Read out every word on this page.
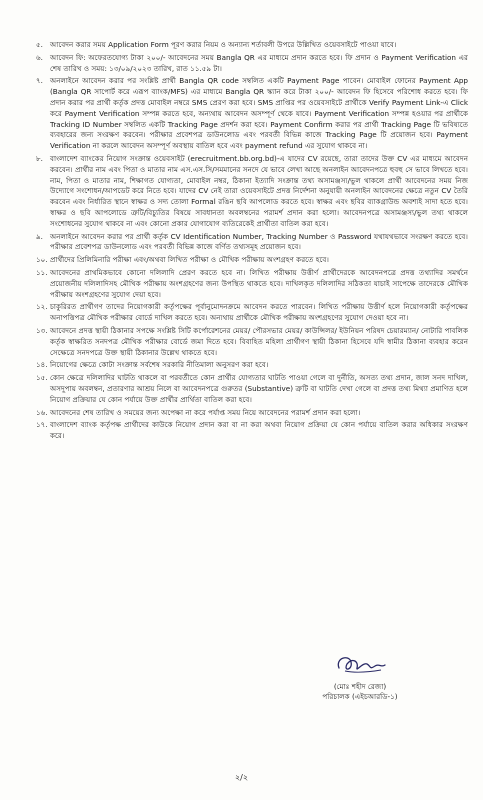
৫. আবেদন করার সময় Application Form পূরণ করার নিয়ম ও অন্যান্য শর্তাবলী উপরে উল্লিখিত ওয়েবসাইটে পাওয়া যাবে।
৬. আবেদন ফি: অফেরতযোগ্য টাকা ২০০/- আবেদনের সময় Bangla QR এর মাধ্যমে প্রদান করতে হবে। ফি প্রদান ও Payment Verification এর শেষ তারিখ ও সময়: ১৩/০৯/২০২৩ তারিখ, রাত ১১.৫৯ টা।
৭. অনলাইনে আবেদন করার পর সংশ্লিষ্ট প্রার্থী Bangla QR code সম্বলিত একটি Payment Page পাবেন। মোবাইল ফোনের Payment App (Bangla QR সাপোর্ট করে এরূপ ব্যাংক/MFS) এর মাধ্যমে Bangla QR স্ক্যান করে টাকা ২০০/- আবেদন ফি হিসেবে পরিশোধ করতে হবে। ফি প্রদান করার পর প্রার্থী কর্তৃক প্রদত্ত মোবাইল নম্বরে SMS প্রেরণ করা হবে। SMS প্রাপ্তির পর ওয়েবসাইটে প্রার্থীকে Verify Payment Link-এ Click করে Payment Verification সম্পন্ন করতে হবে, অন্যথায় আবেদন অসম্পূর্ণ থেকে যাবে। Payment Verification সম্পন্ন হওয়ার পর প্রার্থীকে Tracking ID Number সম্বলিত একটি Tracking Page প্রদর্শন করা হবে। Payment Confirm করার পর প্রার্থী Tracking Page টি ভবিষ্যতে ব্যবহারের জন্য সংরক্ষণ করবেন। পরীক্ষার প্রবেশপত্র ডাউনলোড এবং পরবর্তী বিভিন্ন কাজে Tracking Page টি প্রয়োজন হবে। Payment Verification না করলে আবেদন অসম্পূর্ণ অবস্থায় বাতিল হবে এবং payment refund এর সুযোগ থাকবে না।
৮. বাংলাদেশ ব্যাংকের নিয়োগ সংক্রান্ত ওয়েবসাইট (erecruitment.bb.org.bd)-এ যাদের CV রয়েছে, তারা তাদের উক্ত CV এর মাধ্যমে আবেদন করবেন। প্রার্থীর নাম এবং পিতা ও মাতার নাম এস.এস.সি/সমমানের সনদে যে ভাবে লেখা আছে অনলাইন আবেদনপত্রে হুবহু সে ভাবে লিখতে হবে। নাম, পিতা ও মাতার নাম, শিক্ষাগত যোগ্যতা, মোবাইল নম্বর, ঠিকানা ইত্যাদি সংক্রান্ত তথ্য অসামঞ্জস্য/ভুল থাকলে প্রার্থী আবেদনের সময় নিজ উদ্যোগে সংশোধন/আপডেট করে নিতে হবে। যাদের CV নেই তারা ওয়েবসাইটে প্রদত্ত নির্দেশনা অনুযায়ী অনলাইন আবেদনের ক্ষেত্রে নতুন CV তৈরি করবেন এবং নির্ধারিত স্থানে স্বাক্ষর ও সদ্য তোলা Formal রঙিন ছবি আপলোড করতে হবে। স্বাক্ষর এবং ছবির ব্যাকগ্রাউন্ড অবশ্যই সাদা হতে হবে। স্বাক্ষর ও ছবি আপলোডে ত্রুটি/বিচ্যুতির বিষয়ে সাবধানতা অবলম্বনের পরামর্শ প্রদান করা হলো। আবেদনপত্রে অসামঞ্জস্য/ভুল তথ্য থাকলে সংশোধনের সুযোগ থাকবে না এবং কোনো প্রকার যোগাযোগ ব্যতিরেকেই প্রার্থীতা বাতিল করা হবে।
৯. অনলাইনে আবেদন করার পর প্রার্থী কর্তৃক CV Identification Number, Tracking Number ও Password যথাযথভাবে সংরক্ষণ করতে হবে। পরীক্ষার প্রবেশপত্র ডাউনলোড এবং পরবর্তী বিভিন্ন কাজে বর্ণিত তথ্যসমূহ প্রয়োজন হবে।
১০. প্রার্থীদের প্রিলিমিনারি পরীক্ষা এবং/অথবা লিখিত পরীক্ষা ও মৌখিক পরীক্ষায় অংশগ্রহণ করতে হবে।
১১. আবেদনের প্রাথমিকভাবে কোনো দলিলাদি প্রেরণ করতে হবে না। লিখিত পরীক্ষায় উত্তীর্ণ প্রার্থীদেরকে আবেদনপত্রে প্রদত্ত তথ্যাদির সমর্থনে প্রয়োজনীয় দলিলাদিসহ মৌখিক পরীক্ষায় অংশগ্রহণের জন্য উপস্থিত থাকতে হবে। দাখিলকৃত দলিলাদির সঠিকতা যাচাই সাপেক্ষে তাদেরকে মৌখিক পরীক্ষায় অংশগ্রহণের সুযোগ দেয়া হবে।
১২. চাকুরিরত প্রার্থীগণ তাদের নিয়োগকারী কর্তৃপক্ষের পূর্বানুমোদনক্রমে আবেদন করতে পারবেন। লিখিত পরীক্ষায় উত্তীর্ণ হলে নিয়োগকারী কর্তৃপক্ষের অনাপত্তিপত্র মৌখিক পরীক্ষার বোর্ডে দাখিল করতে হবে। অন্যথায় প্রার্থীকে মৌখিক পরীক্ষায় অংশগ্রহণের সুযোগ দেওয়া হবে না।
১৩. আবেদনে প্রদত্ত স্থায়ী ঠিকানার সপক্ষে সংশ্লিষ্ট সিটি কর্পোরেশনের মেয়র/ পৌরসভার মেয়র/ কাউন্সিলর/ ইউনিয়ন পরিষদ চেয়ারম্যান/ নোটারি পাবলিক কর্তৃক স্বাক্ষরিত সনদপত্র মৌখিক পরীক্ষার বোর্ডে জমা দিতে হবে। বিবাহিত মহিলা প্রার্থীগণ স্থায়ী ঠিকানা হিসেবে যদি স্বামীর ঠিকানা ব্যবহার করেন সেক্ষেত্রে সনদপত্রে উক্ত স্থায়ী ঠিকানার উল্লেখ থাকতে হবে।
১৪. নিয়োগের ক্ষেত্রে কোটা সংক্রান্ত সর্বশেষ সরকারি নীতিমালা অনুসরণ করা হবে।
১৫. কোন ক্ষেত্রে দলিলাদির ঘাটতি থাকলে বা পরবর্তীতে কোন প্রার্থীর যোগ্যতার ঘাটতি পাওয়া গেলে বা দুর্নীতি, অসত্য তথ্য প্রদান, জাল সনদ দাখিল, অসদুপায় অবলম্বন, প্রতারণার আশ্রয় নিলে বা আবেদনপত্রে গুরুতর (Substantive) ত্রুটি বা ঘাটতি দেখা গেলে বা প্রদত্ত তথ্য মিথ্যা প্রমাণিত হলে নিয়োগ প্রক্রিয়ার যে কোন পর্যায়ে উক্ত প্রার্থীর প্রার্থিতা বাতিল করা হবে।
১৬. আবেদনের শেষ তারিখ ও সময়ের জন্য অপেক্ষা না করে পর্যাপ্ত সময় নিয়ে আবেদনের পরামর্শ প্রদান করা হলো।
১৭. বাংলাদেশ ব্যাংক কর্তৃপক্ষ প্রার্থীদের কাউকে নিয়োগ প্রদান করা বা না করা অথবা নিয়োগ প্রক্রিয়া যে কোন পর্যায়ে বাতিল করার অধিকার সংরক্ষণ করে।
(মোঃ শহীদ রেজা)
পরিচালক (এইচআরডি-১)
২/২
